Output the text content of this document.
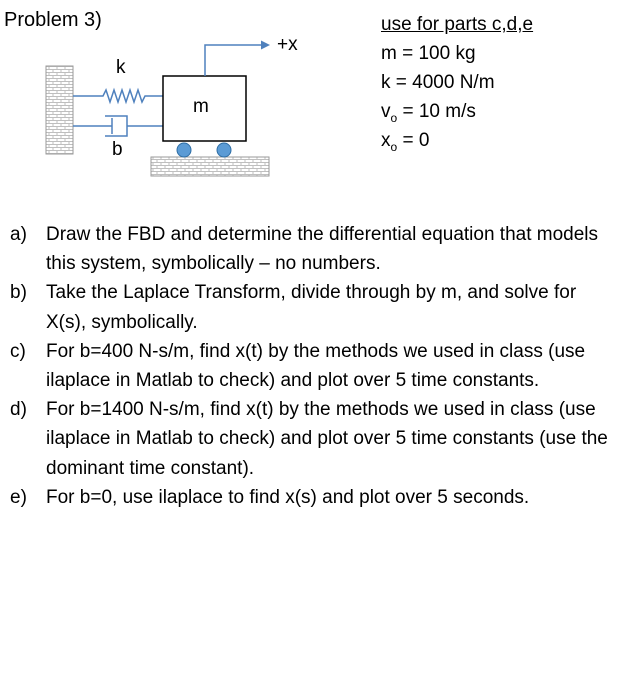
Problem 3)
k
b
m
+x
use for parts c,d,e
m = 100 kg
k = 4000 N/m
$v_o = 10$ m/s
$x_o = 0$
a)	Draw the FBD and determine the differential equation that models this system, symbolically – no numbers.
b)	Take the Laplace Transform, divide through by m, and solve for X(s), symbolically.
c)	For b=400 N-s/m, find x(t) by the methods we used in class (use ilaplace in Matlab to check) and plot over 5 time constants.
d)	For b=1400 N-s/m, find x(t) by the methods we used in class (use ilaplace in Matlab to check) and plot over 5 time constants (use the dominant time constant).
e)	For b=0, use ilaplace to find x(s) and plot over 5 seconds.
